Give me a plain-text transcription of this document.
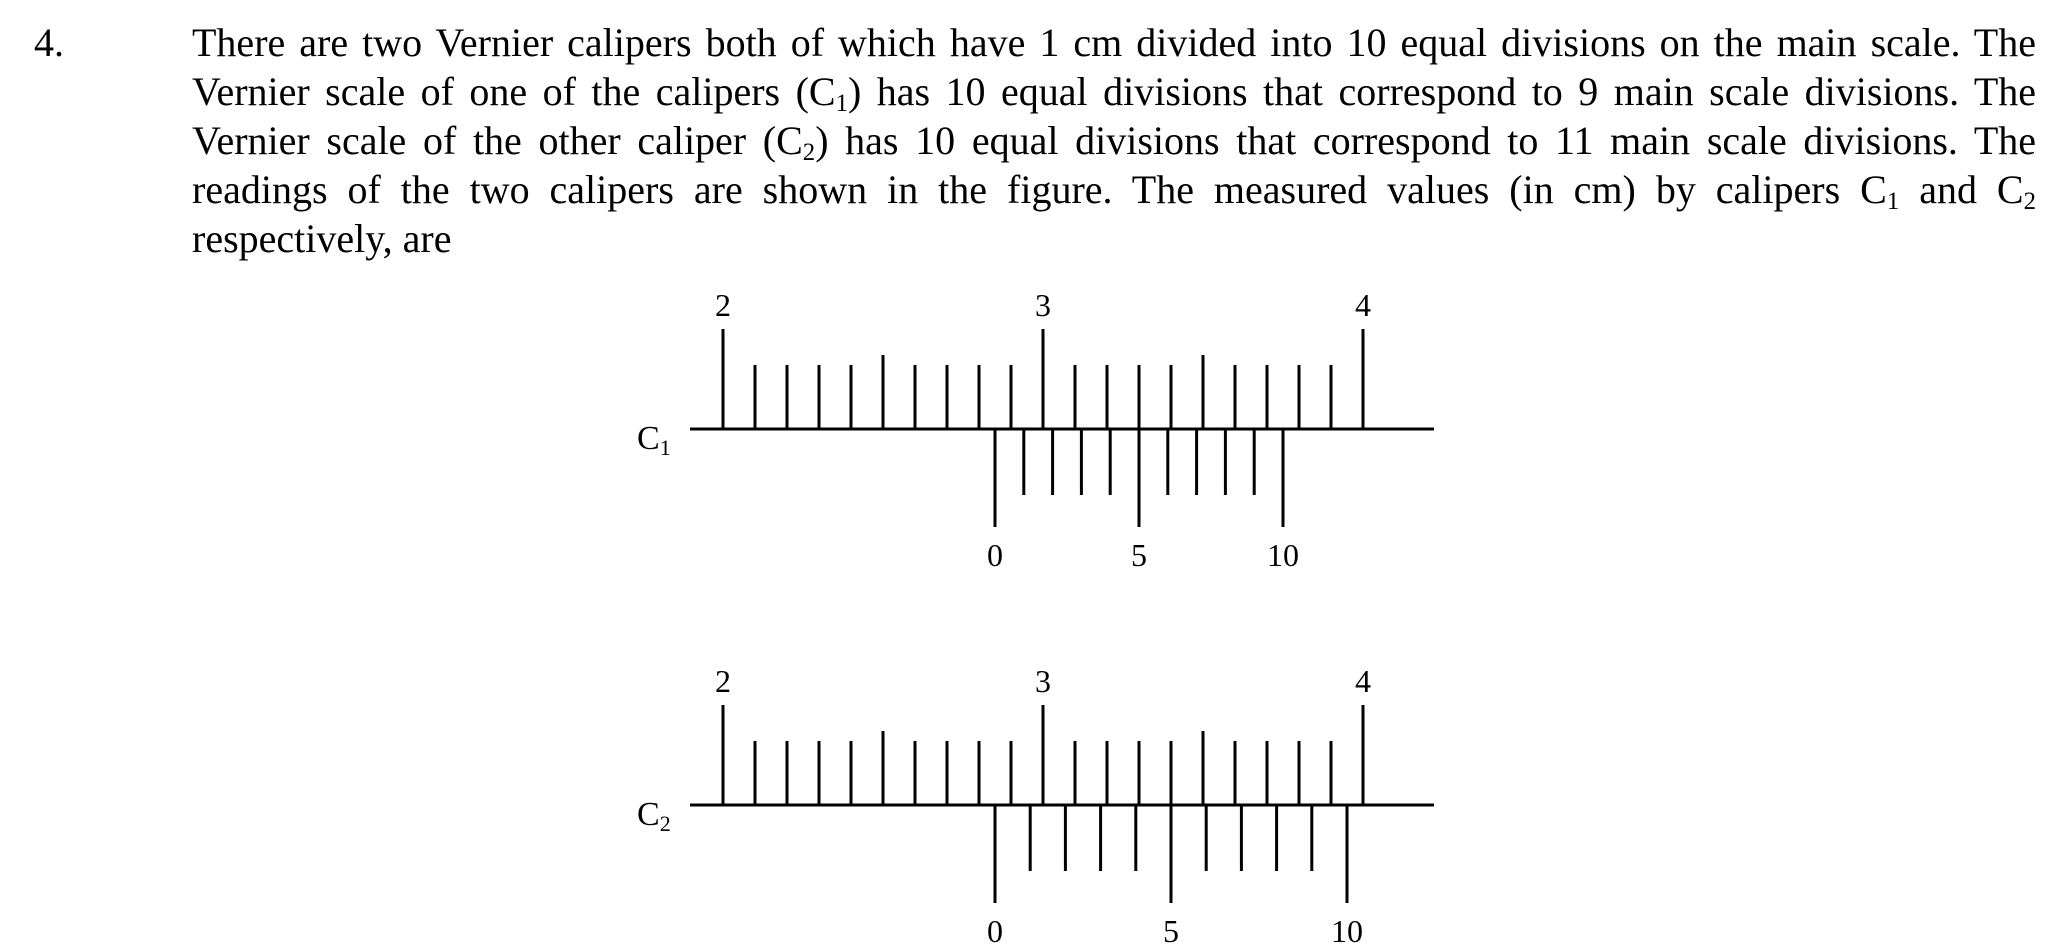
4.	There are two Vernier calipers both of which have 1 cm divided into 10 equal divisions on the main scale. The Vernier scale of one of the calipers $(C_1)$ has 10 equal divisions that correspond to 9 main scale divisions. The Vernier scale of the other caliper $(C_2)$ has 10 equal divisions that correspond to 11 main scale divisions. The readings of the two calipers are shown in the figure. The measured values (in cm) by calipers $C_1$ and $C_2$ respectively, are

C1
2	3	4
0	5	10
C2
2	3	4
0	5	10
